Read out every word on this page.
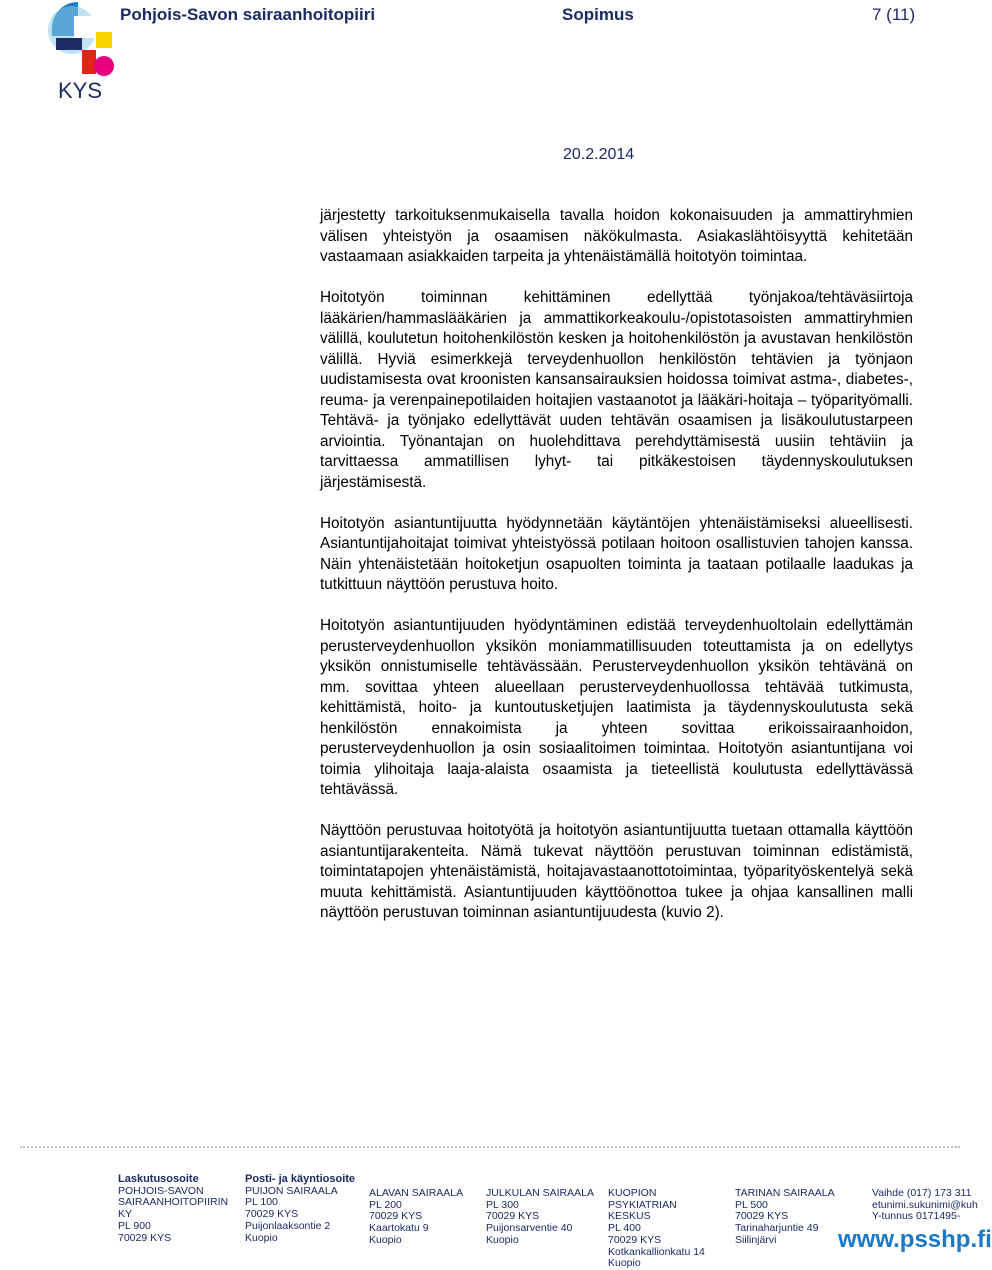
KYS
Pohjois-Savon sairaanhoitopiiri	Sopimus	7 (11)
20.2.2014

järjestetty tarkoituksenmukaisella tavalla hoidon kokonaisuuden ja ammattiryhmien välisen yhteistyön ja osaamisen näkökulmasta. Asiakaslähtöisyyttä kehitetään vastaamaan asiakkaiden tarpeita ja yhtenäistämällä hoitotyön toimintaa.

Hoitotyön toiminnan kehittäminen edellyttää työnjakoa/tehtäväsiirtoja lääkärien/hammaslääkärien ja ammattikorkeakoulu-/opistotasoisten ammattiryhmien välillä, koulutetun hoitohenkilöstön kesken ja hoitohenkilöstön ja avustavan henkilöstön välillä. Hyviä esimerkkejä terveydenhuollon henkilöstön tehtävien ja työnjaon uudistamisesta ovat kroonisten kansansairauksien hoidossa toimivat astma-, diabetes-, reuma- ja verenpainepotilaiden hoitajien vastaanotot ja lääkäri-hoitaja – työparityömalli. Tehtävä- ja työnjako edellyttävät uuden tehtävän osaamisen ja lisäkoulutustarpeen arviointia. Työnantajan on huolehdittava perehdyttämisestä uusiin tehtäviin ja tarvittaessa ammatillisen lyhyt- tai pitkäkestoisen täydennyskoulutuksen järjestämisestä.

Hoitotyön asiantuntijuutta hyödynnetään käytäntöjen yhtenäistämiseksi alueellisesti. Asiantuntijahoitajat toimivat yhteistyössä potilaan hoitoon osallistuvien tahojen kanssa. Näin yhtenäistetään hoitoketjun osapuolten toiminta ja taataan potilaalle laadukas ja tutkittuun näyttöön perustuva hoito.

Hoitotyön asiantuntijuuden hyödyntäminen edistää terveydenhuoltolain edellyttämän perusterveydenhuollon yksikön moniammatillisuuden toteuttamista ja on edellytys yksikön onnistumiselle tehtävässään. Perusterveydenhuollon yksikön tehtävänä on mm. sovittaa yhteen alueellaan perusterveydenhuollossa tehtävää tutkimusta, kehittämistä, hoito- ja kuntoutusketjujen laatimista ja täydennyskoulutusta sekä henkilöstön ennakoimista ja yhteen sovittaa erikoissairaanhoidon, perusterveydenhuollon ja osin sosiaalitoimen toimintaa. Hoitotyön asiantuntijana voi toimia ylihoitaja laaja-alaista osaamista ja tieteellistä koulutusta edellyttävässä tehtävässä.

Näyttöön perustuvaa hoitotyötä ja hoitotyön asiantuntijuutta tuetaan ottamalla käyttöön asiantuntijarakenteita. Nämä tukevat näyttöön perustuvan toiminnan edistämistä, toimintatapojen yhtenäistämistä, hoitajavastaanottotoimintaa, työparityöskentelyä sekä muuta kehittämistä. Asiantuntijuuden käyttöönottoa tukee ja ohjaa kansallinen malli näyttöön perustuvan toiminnan asiantuntijuudesta (kuvio 2).

Laskutusosoite
POHJOIS-SAVON
SAIRAANHOITOPIIRIN
KY
PL 900
70029 KYS
Posti- ja käyntiosoite
PUIJON SAIRAALA
PL 100
70029 KYS
Puijonlaaksontie 2
Kuopio
ALAVAN SAIRAALA
PL 200
70029 KYS
Kaartokatu 9
Kuopio
JULKULAN SAIRAALA
PL 300
70029 KYS
Puijonsarventie 40
Kuopio
KUOPION
PSYKIATRIAN
KESKUS
PL 400
70029 KYS
Kotkankallionkatu 14
Kuopio
TARINAN SAIRAALA
PL 500
70029 KYS
Tarinaharjuntie 49
Siilinjärvi
Vaihde (017) 173 311
etunimi.sukunimi@kuh
Y-tunnus 0171495-
www.psshp.fi
